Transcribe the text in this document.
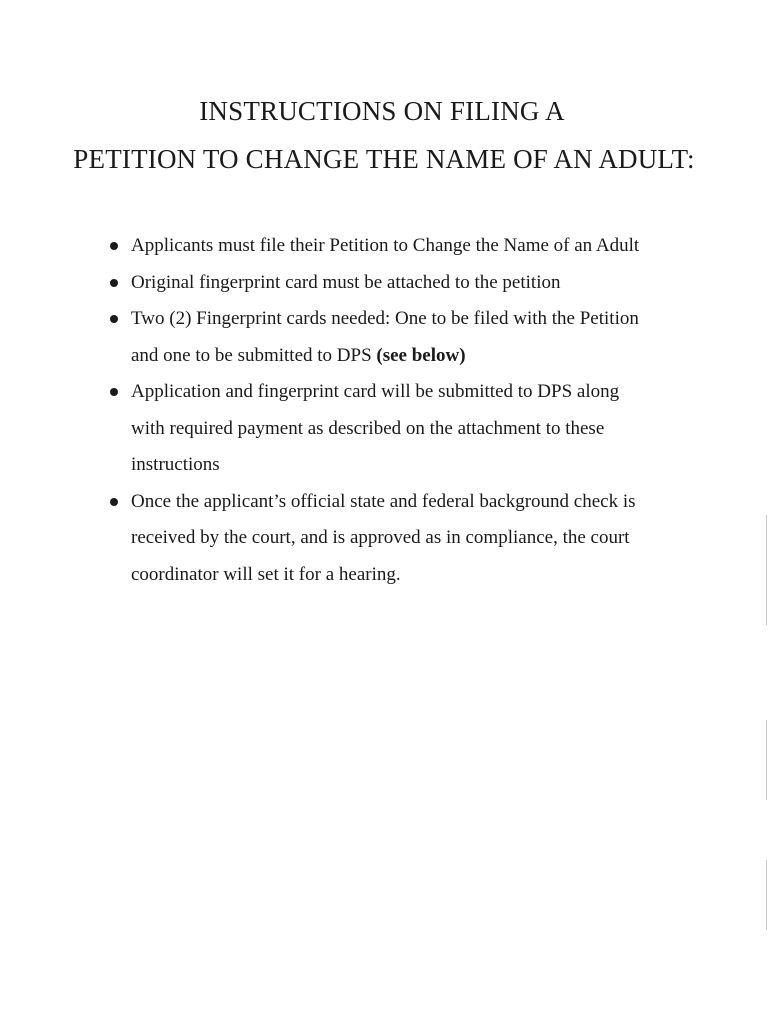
INSTRUCTIONS ON FILING A
PETITION TO CHANGE THE NAME OF AN ADULT:
Applicants must file their Petition to Change the Name of an Adult
Original fingerprint card must be attached to the petition
Two (2) Fingerprint cards needed: One to be filed with the Petition
and one to be submitted to DPS (see below)
Application and fingerprint card will be submitted to DPS along
with required payment as described on the attachment to these
instructions
Once the applicant’s official state and federal background check is
received by the court, and is approved as in compliance, the court
coordinator will set it for a hearing.
